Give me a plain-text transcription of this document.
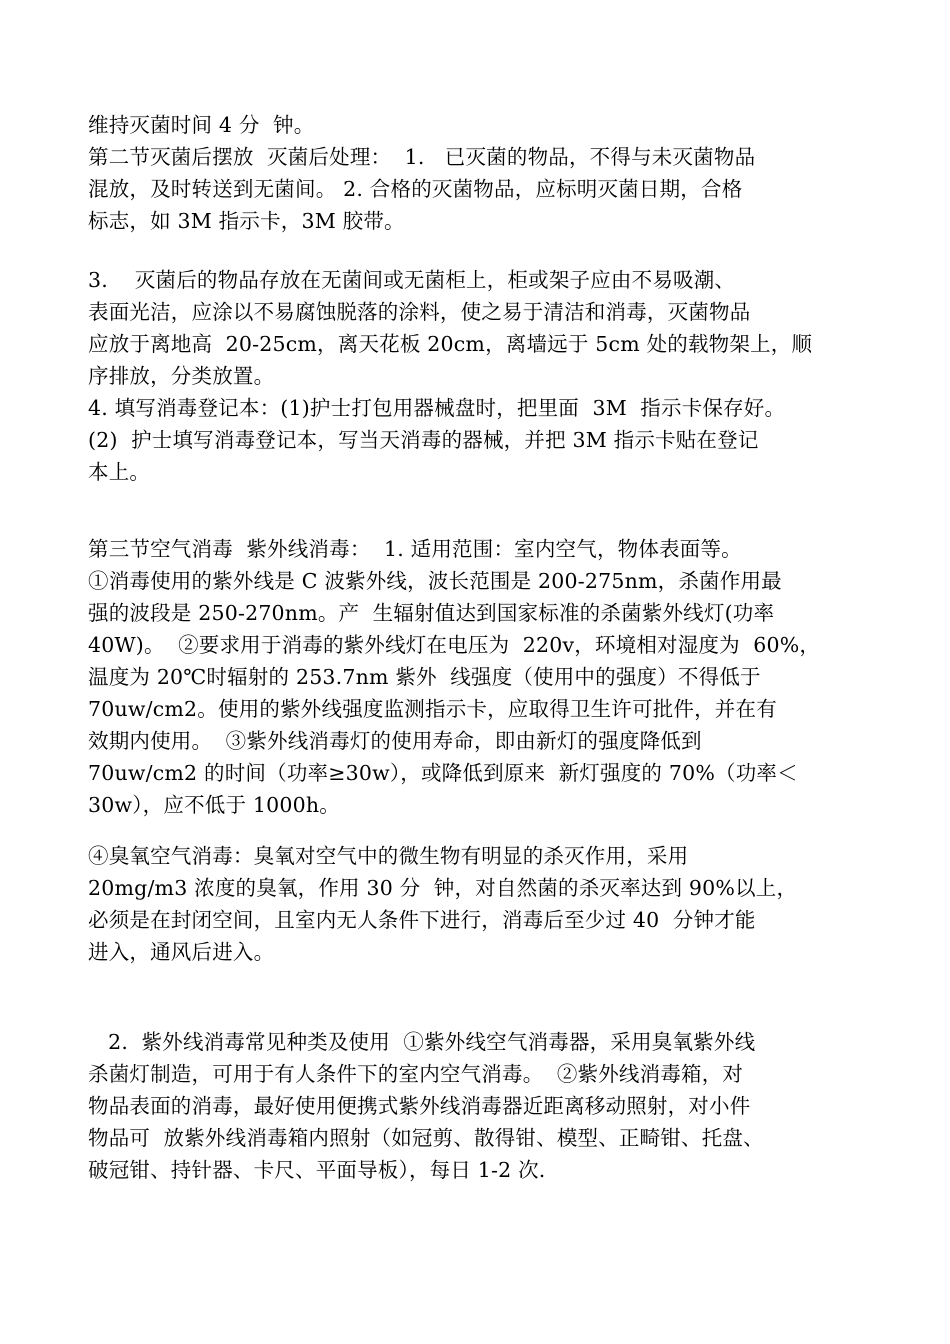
维持灭菌时间 4 分  钟。
第二节灭菌后摆放  灭菌后处理：  1.   已灭菌的物品，不得与未灭菌物品
混放，及时转送到无菌间。 2. 合格的灭菌物品，应标明灭菌日期，合格
标志，如 3M 指示卡，3M 胶带。
3.    灭菌后的物品存放在无菌间或无菌柜上，柜或架子应由不易吸潮、
表面光洁，应涂以不易腐蚀脱落的涂料，使之易于清洁和消毒，灭菌物品
应放于离地高  20-25cm，离天花板 20cm，离墙远于 5cm 处的载物架上，顺
序排放，分类放置。
4. 填写消毒登记本：(1)护士打包用器械盘时，把里面  3M  指示卡保存好。
(2)  护士填写消毒登记本，写当天消毒的器械，并把 3M 指示卡贴在登记
本上。
第三节空气消毒  紫外线消毒：  1. 适用范围：室内空气，物体表面等。
①消毒使用的紫外线是 C 波紫外线，波长范围是 200-275nm，杀菌作用最
强的波段是 250-270nm。产  生辐射值达到国家标准的杀菌紫外线灯(功率
40W)。  ②要求用于消毒的紫外线灯在电压为  220v，环境相对湿度为  60%，
温度为 20℃时辐射的 253.7nm 紫外  线强度（使用中的强度）不得低于
70uw/cm2。使用的紫外线强度监测指示卡，应取得卫生许可批件，并在有
效期内使用。  ③紫外线消毒灯的使用寿命，即由新灯的强度降低到
70uw/cm2 的时间（功率≥30w），或降低到原来  新灯强度的 70%（功率＜
30w），应不低于 1000h。
④臭氧空气消毒：臭氧对空气中的微生物有明显的杀灭作用，采用
20mg/m3 浓度的臭氧，作用 30 分  钟，对自然菌的杀灭率达到 90%以上，
必须是在封闭空间，且室内无人条件下进行，消毒后至少过 40  分钟才能
进入，通风后进入。
2.  紫外线消毒常见种类及使用  ①紫外线空气消毒器，采用臭氧紫外线
杀菌灯制造，可用于有人条件下的室内空气消毒。  ②紫外线消毒箱，对
物品表面的消毒，最好使用便携式紫外线消毒器近距离移动照射，对小件
物品可  放紫外线消毒箱内照射（如冠剪、散得钳、模型、正畸钳、托盘、
破冠钳、持针器、卡尺、平面导板），每日 1-2 次.
